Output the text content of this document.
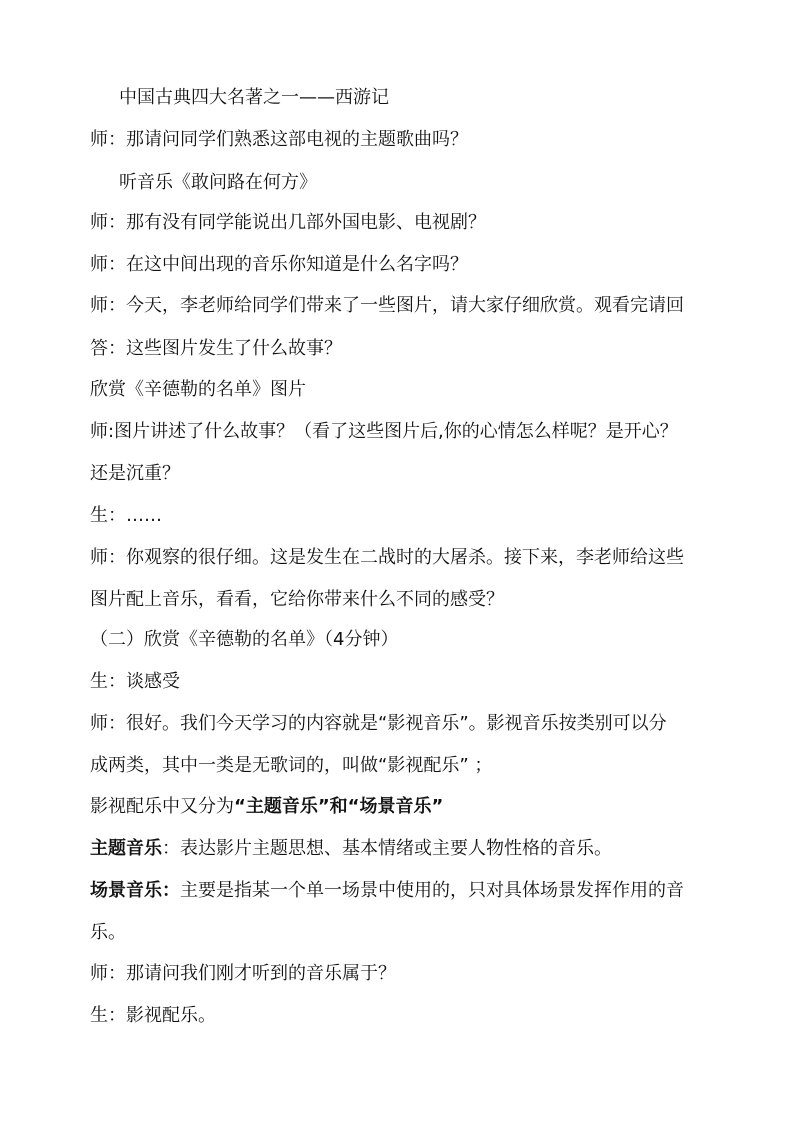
中国古典四大名著之一——西游记
师：那请问同学们熟悉这部电视的主题歌曲吗？
听音乐《敢问路在何方》
师：那有没有同学能说出几部外国电影、电视剧？
师：在这中间出现的音乐你知道是什么名字吗？
师：今天，李老师给同学们带来了一些图片，请大家仔细欣赏。观看完请回
答：这些图片发生了什么故事？
欣赏《辛德勒的名单》图片
师:图片讲述了什么故事？（看了这些图片后,你的心情怎么样呢？是开心？
还是沉重？
生：……
师：你观察的很仔细。这是发生在二战时的大屠杀。接下来，李老师给这些
图片配上音乐，看看，它给你带来什么不同的感受？
（二）欣赏《辛德勒的名单》（4分钟）
生：谈感受
师：很好。我们今天学习的内容就是“影视音乐”。影视音乐按类别可以分
成两类，其中一类是无歌词的，叫做“影视配乐” ；
影视配乐中又分为“主题音乐”和“场景音乐”
主题音乐：表达影片主题思想、基本情绪或主要人物性格的音乐。
场景音乐：主要是指某一个单一场景中使用的，只对具体场景发挥作用的音
乐。
师：那请问我们刚才听到的音乐属于？
生：影视配乐。
